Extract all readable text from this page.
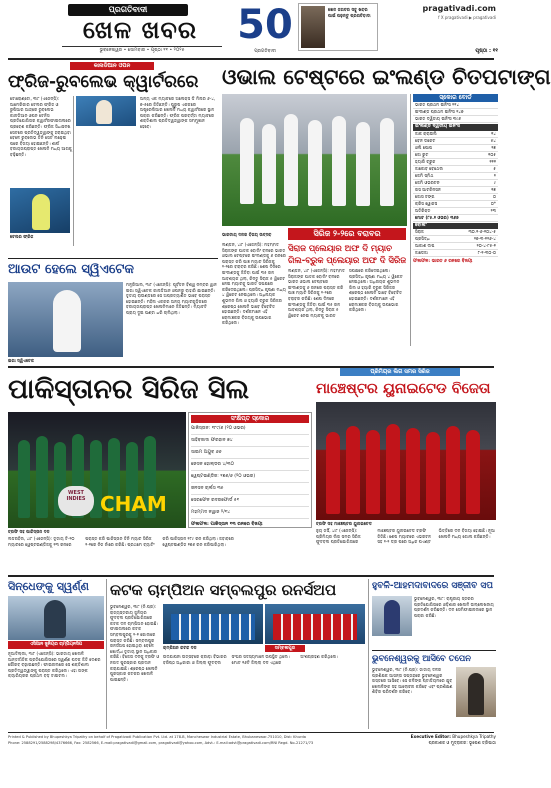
ପ୍ରଗତିବାଦୀ
ଖେଳ ଖବର
ଭୁବନେଶ୍ୱର • ସୋମବାର • ପୃଷ୍ଠା ୧୧ • ୨୦୨୫
50
ପ୍ରଗତିବାଦୀ
ଖେଳ ଜଗତର ସବୁ ଖବର ପାଇଁ ପଢ଼ନ୍ତୁ ପ୍ରଗତିବାଦୀ
pragativadi.com
f X pragativadi ▶ pragativadi
ପୃଷ୍ଠା : ୧୧
କାନାଡିଆନ ଓପନ
ଫ୍ରିଜ-ରୁବଲେଭ କ୍ୱାର୍ଟରରେ
ଟୋରୋଣ୍ଟୋ, ୩ା୮ (ଏଜେନ୍ସି): ଆମେରିକାର ଟେଲର ଫ୍ରିଜ ଓ ରୁଷିଆର ଆନ୍ଦ୍ରେ ରୁବଲେଭ କାନାଡିଆନ ଓପନ ଟେନିସ ପ୍ରତିଯୋଗିତାର କ୍ୱାର୍ଟରଫାଇନାଲରେ ପ୍ରବେଶ କରିଛନ୍ତି। ଫ୍ରିଜ ସିଧାସଳଖ ସେଟରେ ପ୍ରତିଦ୍ୱନ୍ଦ୍ୱୀଙ୍କୁ ହରାଇଥିବା ବେଳେ ରୁବଲେଭ ତିନି ସେଟ ଲଢ଼େଇ ପରେ ବିଜୟୀ ହୋଇଛନ୍ତି। ଶୀର୍ଷ ବରୀୟତାପ୍ରାପ୍ତ ଖେଳାଳି ମଧ୍ୟ ଆଗକୁ ବଢ଼ିଛନ୍ତି।
ଟେଲର ଫ୍ରିଜ
ଅନ୍ୟ ଏକ ମ୍ୟାଚରେ ଅଲେକ୍ସ ଡି ମିନାର ୬-୪, ୭-୫ରେ ଜିତିଛନ୍ତି। ପୁରୁଷ ଏକକରେ ଅଷ୍ଟ୍ରେଲିଆର ଖେଳାଳି ମଧ୍ୟ କ୍ୱାର୍ଟରରେ ସ୍ଥାନ ପକ୍କା କରିଛନ୍ତି। ଫ୍ରିଜ ପରବର୍ତ୍ତୀ ମ୍ୟାଚରେ ଶକ୍ତିଶାଳୀ ପ୍ରତିଦ୍ୱନ୍ଦ୍ୱୀଙ୍କ ସମ୍ମୁଖୀନ ହେବେ।
ଆଉଟ ହେଲେ ସ୍ୱିଏଟେକ
ଇଗା ସ୍ୱିଏଟେକ
ମନ୍ଟ୍ରିଆଲ, ୩ା୮ (ଏଜେନ୍ସି): ପୂର୍ବତନ ବିଶ୍ୱ ନମ୍ବର ୱାନ ଇଗା ସ୍ୱିଏଟେକ କାନାଡିଆନ ଓପନରୁ ବାହାରି ଯାଇଛନ୍ତି। ତୃତୀୟ ରାଉଣ୍ଡରେ ସେ ଅପ୍ରତ୍ୟାଶିତ ଭାବେ ପରାସ୍ତ ହୋଇଛନ୍ତି। ମହିଳା ଏକକର ଅନ୍ୟ ମ୍ୟାଚଗୁଡ଼ିକରେ ବରୀୟତାପ୍ରାପ୍ତ ଖେଳାଳିମାନେ ଜିତିଛନ୍ତି। ମ୍ୟାଚଟି ପ୍ରାୟ ଦୁଇ ଘଣ୍ଟା ଧରି ଚାଲିଥିଲା।
ଓଭାଲ ଟେଷ୍ଟରେ ଇଂଲଣ୍ଡ ଚିତପଟାଙ୍ଗ
ସିରିଜ ୨-୨ରେ ବରାବର
ଭାରତୀୟ ଦଳର ବିଜୟ ଉତ୍ସବ
ସିରାଜ ପ୍ଲେୟାର ଅଫ ଦି ମ୍ୟାଚ
ଗିଲ-ବ୍ରୁକ ପ୍ଲେୟାର ଅଫ ଦି ସିରିଜ
ଲଣ୍ଡନ, ୪ା୮ (ଏଜେନ୍ସି): ମହମ୍ମଦ ସିରାଜଙ୍କ ଘାତକ ବୋଲିଂ ବଳରେ ଭାରତ ଓଭାଲ ଟେଷ୍ଟରେ ଇଂଲଣ୍ଡକୁ ୬ ରନରେ ପରାସ୍ତ କରି ପାଞ୍ଚ ମ୍ୟାଚ ସିରିଜକୁ ୨-୨ରେ ବରାବର କରିଛି। ଶେଷ ଦିନରେ ଇଂଲଣ୍ଡକୁ ଜିତିବା ପାଇଁ ୩୫ ରନ ଆବଶ୍ୟକ ଥିଲା, କିନ୍ତୁ ସିରାଜ ୫ ୱିକେଟ ନେଇ ମ୍ୟାଚକୁ ଭାରତ ସପକ୍ଷରେ କରିଦେଇଥିଲେ। ପ୍ରସିଦ୍ଧ କୃଷ୍ଣା ମଧ୍ୟ ୪ ୱିକେଟ ନେଇଥିଲେ। ଅଧିନାୟକ ଶୁଭମନ ଗିଲ ଓ ହ୍ୟାରି ବ୍ରୁକ ସିରିଜର ଶ୍ରେଷ୍ଠ ଖେଳାଳି ଭାବେ ବିବେଚିତ ହୋଇଛନ୍ତି। ଦର୍ଶକମାନେ ଏହି ରୋମାଞ୍ଚକର ବିଜୟକୁ ଉପଭୋଗ କରିଥିଲେ।
ଲଣ୍ଡନ, ୪ା୮ (ଏଜେନ୍ସି): ମହମ୍ମଦ ସିରାଜଙ୍କ ଘାତକ ବୋଲିଂ ବଳରେ ଭାରତ ଓଭାଲ ଟେଷ୍ଟରେ ଇଂଲଣ୍ଡକୁ ୬ ରନରେ ପରାସ୍ତ କରି ପାଞ୍ଚ ମ୍ୟାଚ ସିରିଜକୁ ୨-୨ରେ ବରାବର କରିଛି। ଶେଷ ଦିନରେ ଇଂଲଣ୍ଡକୁ ଜିତିବା ପାଇଁ ୩୫ ରନ ଆବଶ୍ୟକ ଥିଲା, କିନ୍ତୁ ସିରାଜ ୫ ୱିକେଟ ନେଇ ମ୍ୟାଚକୁ ଭାରତ ସପକ୍ଷରେ କରିଦେଇଥିଲେ। ପ୍ରସିଦ୍ଧ କୃଷ୍ଣା ମଧ୍ୟ ୪ ୱିକେଟ ନେଇଥିଲେ। ଅଧିନାୟକ ଶୁଭମନ ଗିଲ ଓ ହ୍ୟାରି ବ୍ରୁକ ସିରିଜର ଶ୍ରେଷ୍ଠ ଖେଳାଳି ଭାବେ ବିବେଚିତ ହୋଇଛନ୍ତି। ଦର୍ଶକମାନେ ଏହି ରୋମାଞ୍ଚକର ବିଜୟକୁ ଉପଭୋଗ କରିଥିଲେ।
ସ୍କୋର ବୋର୍ଡ
ଭାରତ ପ୍ରଥମ ଇନିଂସ ୨୨୪
ଇଂଲଣ୍ଡ ପ୍ରଥମ ଇନିଂସ ୨୪୭
ଭାରତ ଦ୍ୱିତୀୟ ଇନିଂସ ୩୯୬
ଇଂଲଣ୍ଡ ଦ୍ୱିତୀୟ ଇନିଂସ
ଜାକ କ୍ରାଉଲି	୧୪
ବେନ ଡକେଟ	୫୪
ଓଲି ପୋପ	୨୭
ଜୋ ରୁଟ	୧୦୫
ହ୍ୟାରି ବ୍ରୁକ	୧୧୧
ଜାକୋବ ବେଥେଲ	୫
ଜେମି ସ୍ମିଥ	୨
ଜେମି ଓଭରଟନ	୯
ଗସ ଆଟକିନସନ	୧୭
ଜୋସ ଟଙ୍ଗ	୦
କ୍ରିସ ୱୋକସ	୦*
ଅତିରିକ୍ତ	୨୩
ମୋଟ (୮୫.୧ ଓଭର) ୩୬୭
ବୋଲିଂ
ସିରାଜ	୩୦.୧-୬-୧୦୪-୫
ପ୍ରସିଦ୍ଧ	୨୭-୩-୧୨୬-୪
ଆକାଶ ଦୀପ	୨୦-୪-୮୫-୧
ଜାଡେଜା	୮-୧-୩୦-୦
ଫଳାଫଳ: ଭାରତ ୬ ରନରେ ବିଜୟୀ
ପାକିସ୍ତାନର ସିରିଜ ସିଲ
WEST INDIES CHAM
ଟ୍ରଫି ସହ ପାକିସ୍ତାନ ଦଳ
ସଂକ୍ଷିପ୍ତ ସ୍କୋର
ପାକିସ୍ତାନ: ୧୮୯/୬ (୨୦ ଓଭର)
ସାହିବଜାଦା ଫରହାନ ୭୪
ସାଇମ ଅୟୁବ ୬୬
ଜେସନ ହୋଲ୍ଡର ୪/୩୦
ୱେଷ୍ଟଇଣ୍ଡିଜ: ୧୭୬/୬ (୨୦ ଓଭର)
ଜନସନ ଚାର୍ଲସ ୩୫
ସେରଫେନ ରଦରଫୋର୍ଡ ୫୧
ମହମ୍ମଦ ନୱାଜ ୨/୧୪
ଫଳାଫଳ: ପାକିସ୍ତାନ ୧୩ ରନରେ ବିଜୟୀ
ଲଡରହିଲ, ୪ା୮ (ଏଜେନ୍ସି): ତୃତୀୟ ଟି-୨୦ ମ୍ୟାଚରେ ୱେଷ୍ଟଇଣ୍ଡିଜକୁ ୧୩ ରନରେ ପରାସ୍ତ କରି ପାକିସ୍ତାନ ତିନି ମ୍ୟାଚ ସିରିଜ ୨-୧ରେ ନିଜ ନାଁରେ କରିଛି। ପ୍ରଥମେ ବ୍ୟାଟିଂ କରି ପାକିସ୍ତାନ ୧୮୯ ରନ କରିଥିଲା। ଜବାବରେ ୱେଷ୍ଟଇଣ୍ଡିଜ ୧୭୬ ରନ କରିପାରିଥିଲା।
ପ୍ରିମିୟର ଲିଗ ସମର ସିରିଜ
ମାଞ୍ଚେଷ୍ଟର ୟୁନାଇଟେଡ ବିଜେତା
ଟ୍ରଫି ସହ ମାଞ୍ଚେଷ୍ଟର ୟୁନାଇଟେଡ
ନ୍ୟୁ ଜର୍ସି, ୪ା୮ (ଏଜେନ୍ସି): ପ୍ରିମିୟର ଲିଗ ସମର ସିରିଜ ଫୁଟବଲ ପ୍ରତିଯୋଗିତାରେ ମାଞ୍ଚେଷ୍ଟର ୟୁନାଇଟେଡ ଟ୍ରଫି ଜିତିଛି। ଶେଷ ମ୍ୟାଚରେ ଏଭରଟନ ସହ ୨-୨ ଡ୍ର ପରେ ଅଧିକ ପଏଣ୍ଟ ଭିତ୍ତିରେ ଦଳ ବିଜୟୀ ହୋଇଛି। ନୂଆ ଖେଳାଳି ମଧ୍ୟ ଗୋଲ କରିଛନ୍ତି।
ସିନ୍ଧେଙ୍କୁ ସ୍ୱର୍ଣ୍ଣ
ଏସିଆନ ଜୁନିୟର ଚାମ୍ପିୟନସିପ
ନୂଆଦିଲ୍ଲୀ, ୩ା୮ (ଏଜେନ୍ସି): ଭାରତୀୟ ଖେଳାଳି ଆନ୍ତର୍ଜାତିକ ପ୍ରତିଯୋଗିତାରେ ସ୍ୱର୍ଣ୍ଣ ପଦକ ଜିତି ଦେଶର ଗୌରବ ବଢ଼ାଇଛନ୍ତି। ଫାଇନାଲରେ ସେ ଶକ୍ତିଶାଳୀ ପ୍ରତିଦ୍ୱନ୍ଦ୍ୱୀଙ୍କୁ ପରାସ୍ତ କରିଥିଲେ। ଏହା ତାଙ୍କ କ୍ୟାରିୟରର ପ୍ରଥମ ବଡ଼ ଟାଇଟଲ।
କଟକ ଚାମ୍ପିଅନ ସମ୍ବଲପୁର ରନର୍ସଅପ
ଭୁବନେଶ୍ୱର, ୩ା୮ (ନି.ପ୍ର): ରାଜ୍ୟସ୍ତରୀୟ ଜୁନିୟର ଫୁଟବଲ ପ୍ରତିଯୋଗିତାରେ କଟକ ଦଳ ଚାମ୍ପିଅନ ହୋଇଛି। ଫାଇନାଲରେ କଟକ ସମ୍ବଲପୁରକୁ ୨-୧ ଗୋଲରେ ପରାସ୍ତ କରିଛି। ସମ୍ବଲପୁର ରନର୍ସଅପ ହୋଇଥିବା ବେଳେ ଖୋର୍ଦ୍ଧା ତୃତୀୟ ସ୍ଥାନ ଅଧିକାର କରିଛି। ବିଜେତା ଦଳକୁ ଟ୍ରଫି ଓ ନଗଦ ପୁରସ୍କାର ପ୍ରଦାନ କରାଯାଇଛି। ଶ୍ରେଷ୍ଠ ଖେଳାଳି ପୁରସ୍କାର କଟକର ଖେଳାଳି ପାଇଛନ୍ତି।
ସମ୍ବଲପୁର
ଚାମ୍ପିଅନ କଟକ ଦଳ
ଉଦଯାପନୀ ଉତ୍ସବରେ କ୍ରୀଡ଼ା ବିଭାଗର ବରିଷ୍ଠ ଅଧିକାରୀ ଓ ଜିଲ୍ଲା ଫୁଟବଲ ସଂଘର ସଦସ୍ୟମାନେ ଉପସ୍ଥିତ ଥିଲେ। ମୋଟ ୧୬ଟି ଜିଲ୍ଲା ଦଳ ଏଥିରେ ଅଂଶଗ୍ରହଣ କରିଥିଲେ।
ହୁବଳି-ଆହମଦାବାଦରେ ସଞ୍ଜୀବ ସପ
ଭୁବନେଶ୍ୱର, ୩ା୮: ରାଷ୍ଟ୍ରୀୟ ସ୍ତରର ପ୍ରତିଯୋଗିତାରେ ଓଡ଼ିଶାର ଖେଳାଳି ଉଲ୍ଲେଖନୀୟ ପ୍ରଦର୍ଶନ କରିଛନ୍ତି। ଦଳ ସେମିଫାଇନାଲରେ ସ୍ଥାନ ପକ୍କା କରିଛି।
ଭୁବନେଶ୍ୱରକୁ ଆସିବେ ତପେନ
ଭୁବନେଶ୍ୱର, ୩ା୮ (ନି.ପ୍ର): ଜାତୀୟ ଦଳର ପ୍ରଶିକ୍ଷକ ଆସନ୍ତା ସପ୍ତାହରେ ଭୁବନେଶ୍ୱର ଗସ୍ତରେ ଆସିବେ। ସେ କଳିଙ୍ଗ ଷ୍ଟାଡିୟମରେ ଯୁବ ଖେଳାଳିଙ୍କ ସହ ଆଲୋଚନା କରିବେ ଏବଂ ପ୍ରଶିକ୍ଷଣ ଶିବିର ପରିଦର୍ଶନ କରିବେ।
Printed & Published by Bhupeshkya Tripathy on behalf of Pragativadi Publication Pvt. Ltd. at 178-B, Mancheswar Industrial Estate, Bhubaneswar-751010, Dist: Khurda
Phone: 2588291/2588298/4376666, Fax: 2582566, E-mail:pragativadi@gmail.com, pragativadi@yahoo.com, Advt.: E-mail:advt@pragativadi.com/RNI Regd. No-21271/73
Executive Editor: Bhupeshkya Tripathy
ପ୍ରକାଶକ ଓ ମୁଦ୍ରାକର: ଭୂପେଶ ତ୍ରିପାଠୀ
